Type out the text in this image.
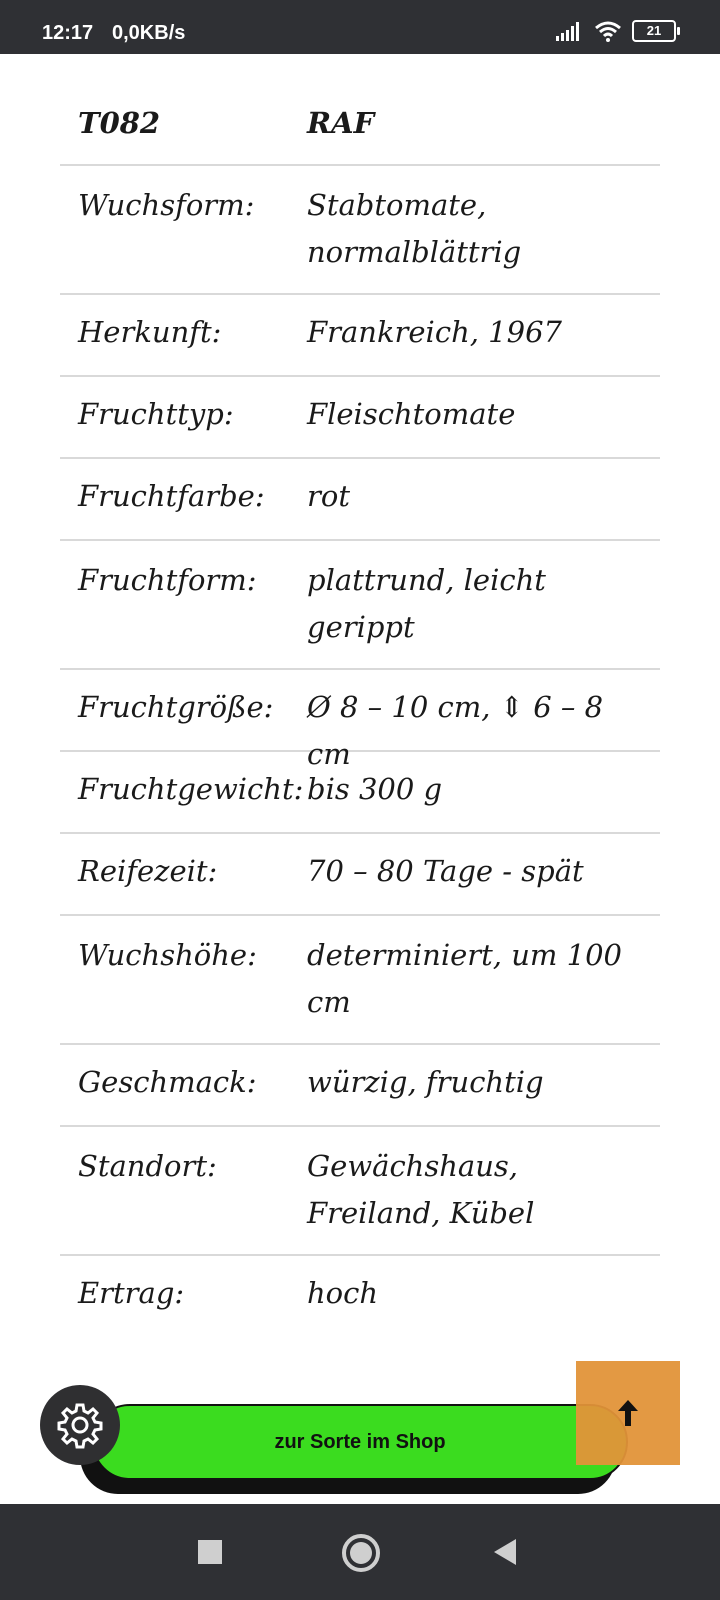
12:17 0,0KB/s	21
T082	RAF
Wuchsform:	Stabtomate, normalblättrig
Herkunft:	Frankreich, 1967
Fruchttyp:	Fleischtomate
Fruchtfarbe:	rot
Fruchtform:	plattrund, leicht gerippt
Fruchtgröße:	Ø 8 – 10 cm, ⇕ 6 – 8 cm
Fruchtgewicht: bis 300 g
Reifezeit:	70 – 80 Tage - spät
Wuchshöhe:	determiniert, um 100 cm
Geschmack:	würzig, fruchtig
Standort:	Gewächshaus, Freiland, Kübel
Ertrag:	hoch
zur Sorte im Shop
